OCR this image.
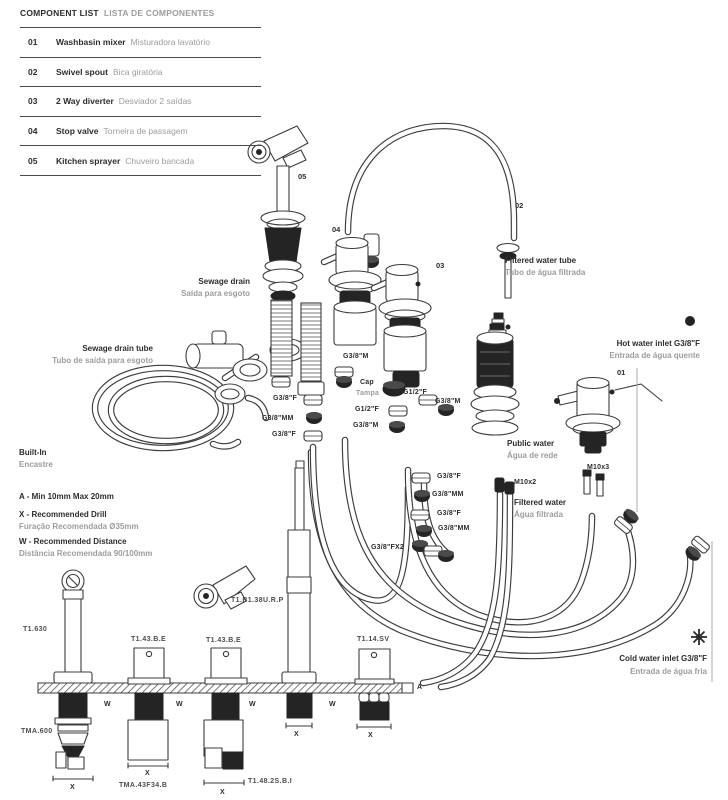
COMPONENT LIST LISTA DE COMPONENTES
01	Washbasin mixer Misturadora lavatório
02	Swivel spout Bica giratória
03	2 Way diverter Desviador 2 saídas
04	Stop valve Torneira de passagem
05	Kitchen sprayer Chuveiro bancada
05
04
03
02
01
Sewage drain
Saída para esgoto
Sewage drain tube
Tubo de saída para esgoto
Filtered water tube
Tubo de água filtrada
Hot water inlet G3/8"F
Entrada de água quente
Cold water inlet G3/8"F
Entrada de água fria
Public water
Água de rede
Filtered water
Água filtrada
Built-In
Encastre
Cap
Tampa
A - Min 10mm Max 20mm
X - Recommended Drill
Furação Recomendada Ø35mm
W - Recommended Distance
Distância Recomendada 90/100mm
G3/8"M
G3/8"F
G3/8"MM
G3/8"F
G1/2"F
G3/8"M
G1/2"F
G3/8"M
G3/8"F
G3/8"MM
G3/8"F
G3/8"MM
G3/8"FX2
M10x2
M10x3
T1.630
T1.43.B.E	T1.43.B.E
T1.B1.38U.R.P
T1.14.SV
TMA.600
TMA.43F34.B
T1.48.2S.B.I
W	W	W	W
X
X
X
X	X
A
